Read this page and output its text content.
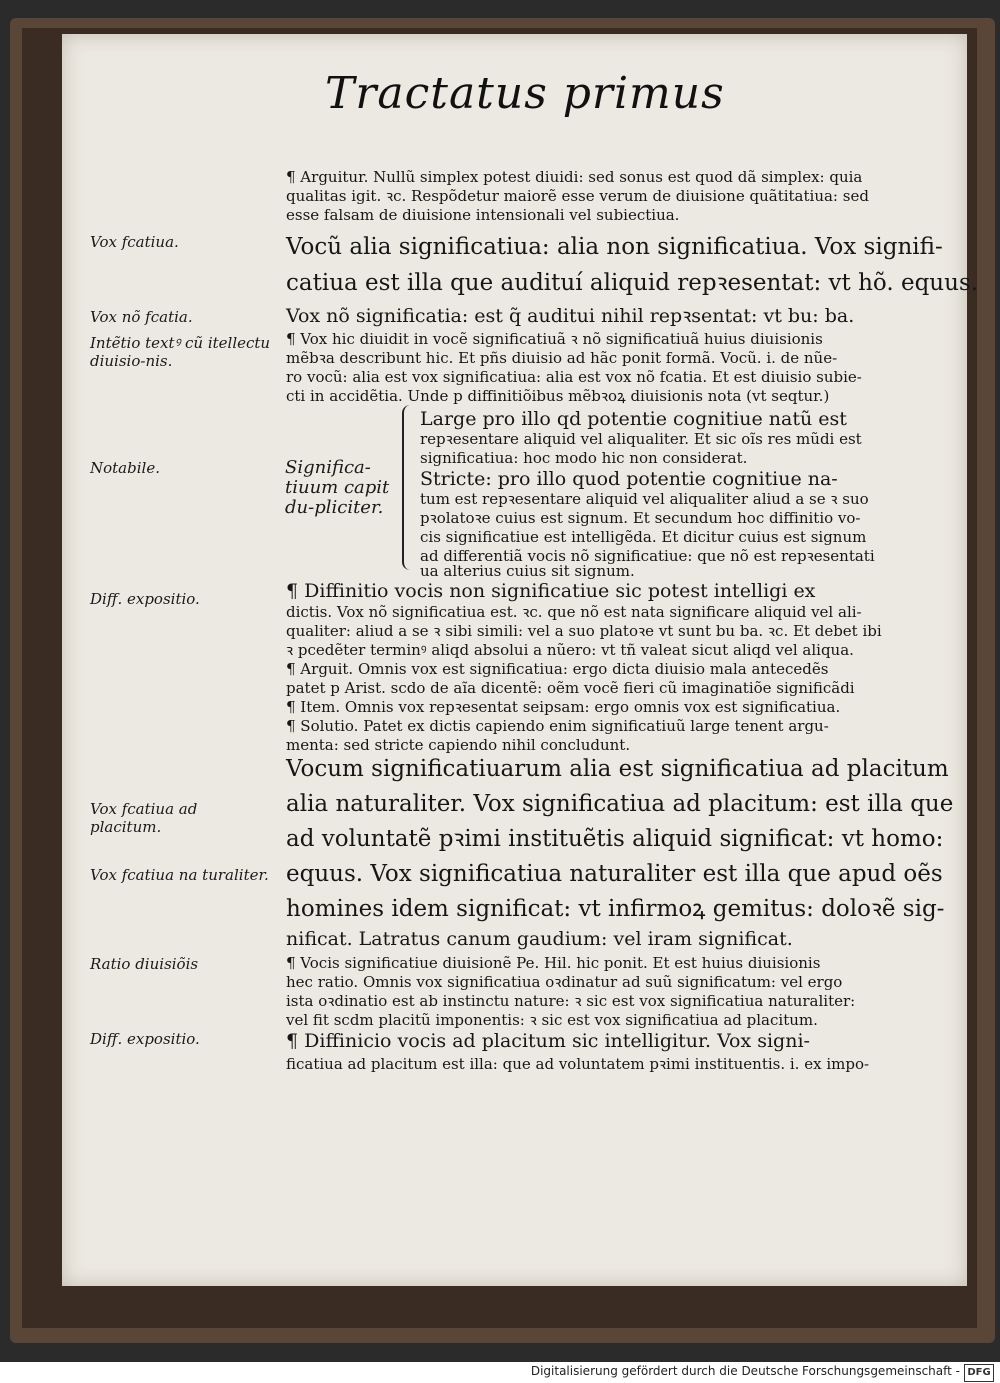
Tractatus primus
Vox fcatiua.
Vox nõ fcatia.
Intẽtio textꝰ cũ itellectu diuisio-nis.
Notabile.	Significa-tiuum capit du-pliciter.
Diff. expositio.
Vox fcatiua ad placitum.
Vox fcatiua na turaliter.
Ratio diuisiõis
Diff. expositio.
¶ Arguitur. Nullũ simplex potest diuidi: sed sonus est quod dã simplex: quia
qualitas igit. ꝛc. Respõdetur maiorẽ esse verum de diuisione quãtitatiua: sed
esse falsam de diuisione intensionali vel subiectiua.
Vocũ alia significatiua: alia non significatiua. Vox signifi-
catiua est illa que audituí aliquid repꝛesentat: vt hõ. equus.
Vox nõ significatia: est q̃ auditui nihil repꝛsentat: vt bu: ba.
¶ Vox hic diuidit in vocẽ significatiuã ꝛ nõ significatiuã huius diuisionis
mẽbꝛa describunt hic. Et pñs diuisio ad hãc ponit formã. Vocũ. i. de nũe-
ro vocũ: alia est vox significatiua: alia est vox nõ fcatia. Et est diuisio subie-
cti in accidẽtia. Unde p diffinitiõibus mẽbꝛoꝝ diuisionis nota (vt seqtur.)
Large pro illo qd potentie cognitiue natũ est
repꝛesentare aliquid vel aliqualiter. Et sic oĩs res mũdi est
significatiua: hoc modo hic non considerat.
Stricte: pro illo quod potentie cognitiue na-
tum est repꝛesentare aliquid vel aliqualiter aliud a se ꝛ suo
pꝛolatoꝛe cuius est signum. Et secundum hoc diffinitio vo-
cis significatiue est intelligẽda. Et dicitur cuius est signum
ad differentiã vocis nõ significatiue: que nõ est repꝛesentati
ua alterius cuius sit signum.
¶ Diffinitio vocis non significatiue sic potest intelligi ex
dictis. Vox nõ significatiua est. ꝛc. que nõ est nata significare aliquid vel ali-
qualiter: aliud a se ꝛ sibi simili: vel a suo platoꝛe vt sunt bu ba. ꝛc. Et debet ibi
ꝛ pcedẽter terminꝰ aliqd absolui a nũero: vt tñ valeat sicut aliqd vel aliqua.
¶ Arguit. Omnis vox est significatiua: ergo dicta diuisio mala antecedẽs
patet p Arist. scdo de aĩa dicentẽ: oẽm vocẽ fieri cũ imaginatiõe significãdi
¶ Item. Omnis vox repꝛesentat seipsam: ergo omnis vox est significatiua.
¶ Solutio. Patet ex dictis capiendo enim significatiuũ large tenent argu-
menta: sed stricte capiendo nihil concludunt.
Vocum significatiuarum alia est significatiua ad placitum
alia naturaliter. Vox significatiua ad placitum: est illa que
ad voluntatẽ pꝛimi instituẽtis aliquid significat: vt homo:
equus. Vox significatiua naturaliter est illa que apud oẽs
homines idem significat: vt infirmoꝝ gemitus: doloꝛẽ sig-
nificat. Latratus canum gaudium: vel iram significat.
¶ Vocis significatiue diuisionẽ Pe. Hil. hic ponit. Et est huius diuisionis
hec ratio. Omnis vox significatiua oꝛdinatur ad suũ significatum: vel ergo
ista oꝛdinatio est ab instinctu nature: ꝛ sic est vox significatiua naturaliter:
vel fit scdm placitũ imponentis: ꝛ sic est vox significatiua ad placitum.
¶ Diffinicio vocis ad placitum sic intelligitur. Vox signi-
ficatiua ad placitum est illa: que ad voluntatem pꝛimi instituentis. i. ex impo-
Digitalisierung gefördert durch die Deutsche Forschungsgemeinschaft - DFG
